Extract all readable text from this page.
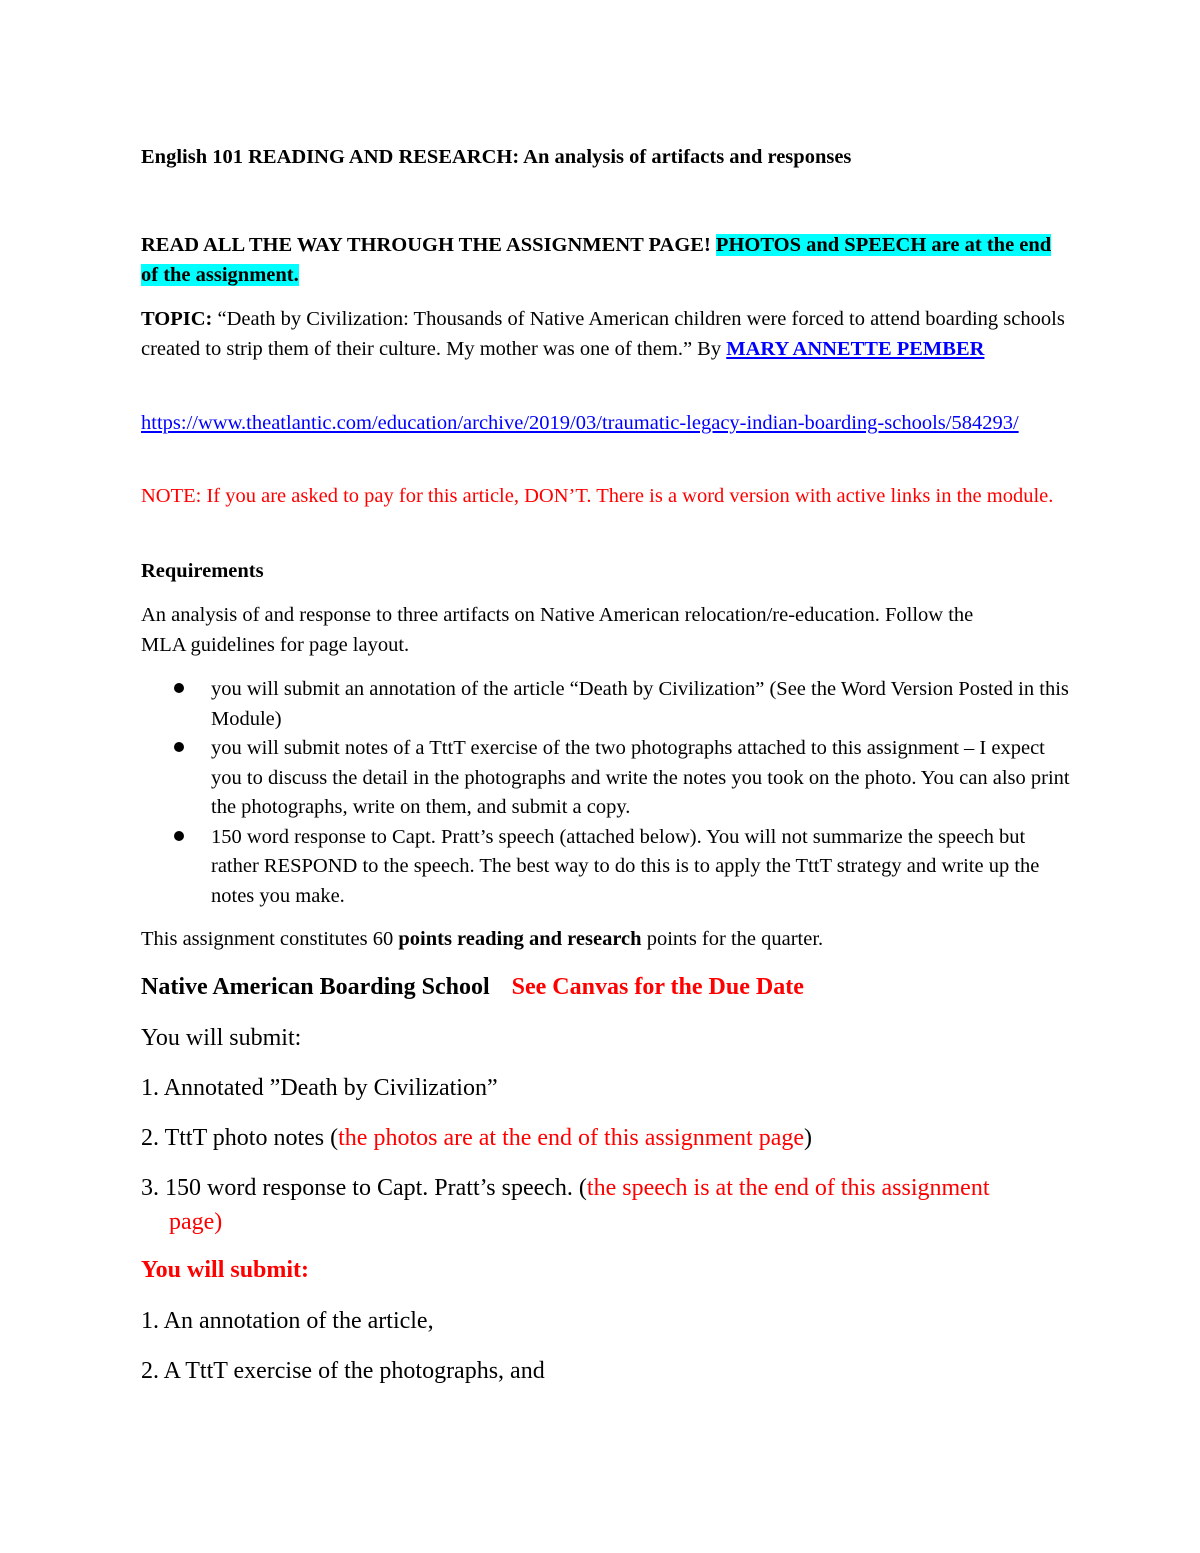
English 101 READING AND RESEARCH: An analysis of artifacts and responses

READ ALL THE WAY THROUGH THE ASSIGNMENT PAGE! PHOTOS and SPEECH are at the end of the assignment.

TOPIC: “Death by Civilization: Thousands of Native American children were forced to attend boarding schools created to strip them of their culture. My mother was one of them.” By MARY ANNETTE PEMBER

https://www.theatlantic.com/education/archive/2019/03/traumatic-legacy-indian-boarding-schools/584293/

NOTE: If you are asked to pay for this article, DON’T. There is a word version with active links in the module.

Requirements

An analysis of and response to three artifacts on Native American relocation/re-education. Follow the MLA guidelines for page layout.

you will submit an annotation of the article “Death by Civilization” (See the Word Version Posted in this Module)
you will submit notes of a TttT exercise of the two photographs attached to this assignment – I expect you to discuss the detail in the photographs and write the notes you took on the photo. You can also print the photographs, write on them, and submit a copy.
150 word response to Capt. Pratt’s speech (attached below). You will not summarize the speech but rather RESPOND to the speech. The best way to do this is to apply the TttT strategy and write up the notes you make.

This assignment constitutes 60 points reading and research points for the quarter.

Native American Boarding School See Canvas for the Due Date

You will submit:

1. Annotated ”Death by Civilization”

2. TttT photo notes (the photos are at the end of this assignment page)

3. 150 word response to Capt. Pratt’s speech. (the speech is at the end of this assignment page)

You will submit:

1. An annotation of the article,

2. A TttT exercise of the photographs, and
